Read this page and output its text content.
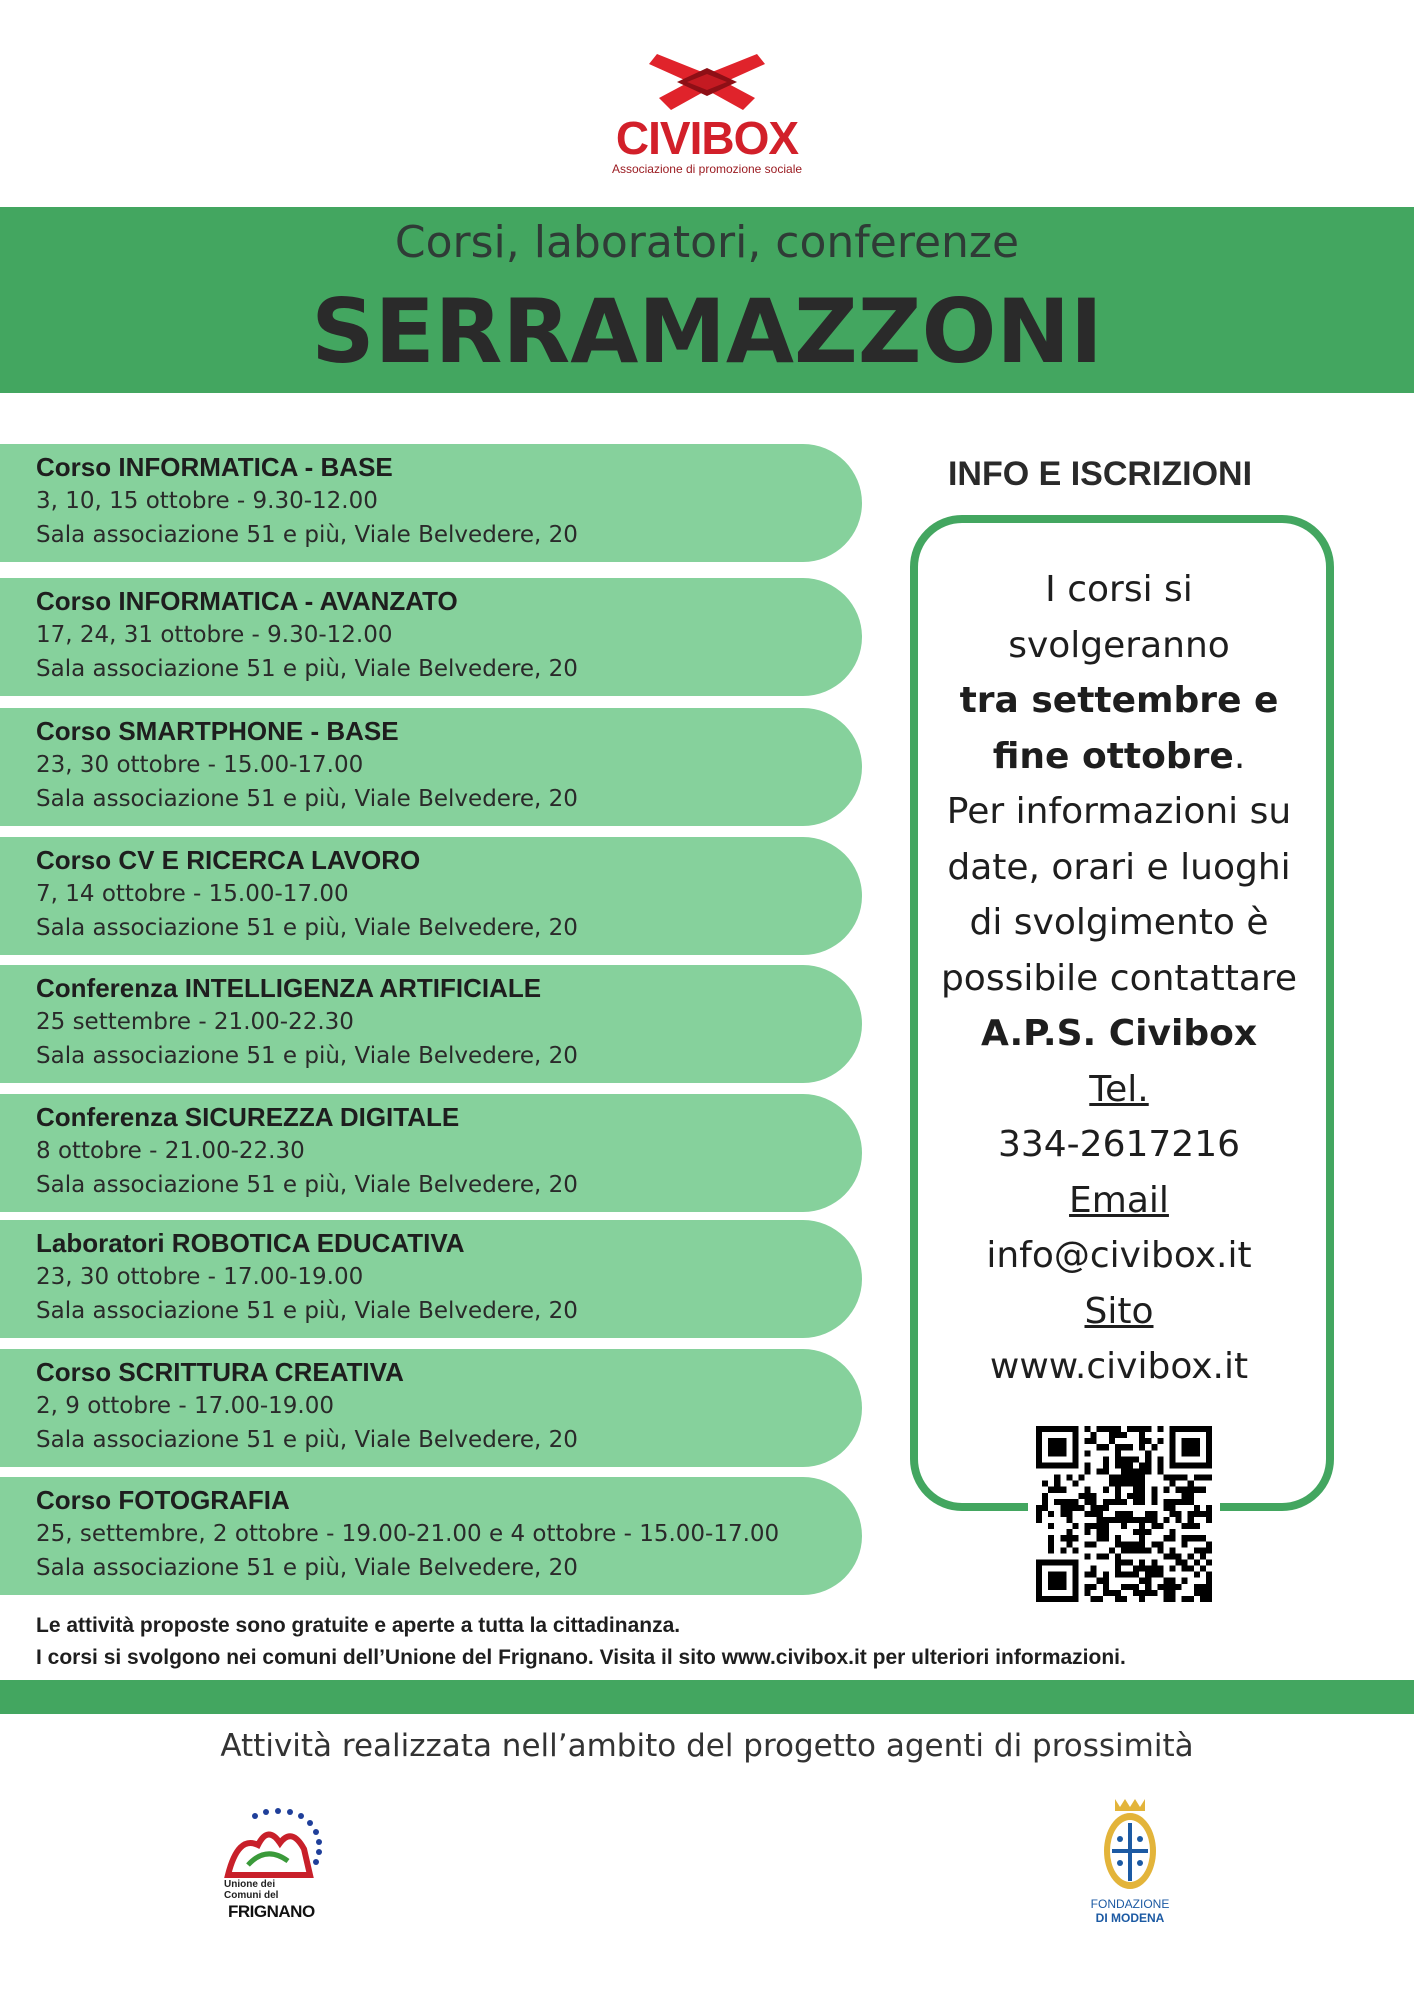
CIVIBOX
Associazione di promozione sociale
Corsi, laboratori, conferenze
SERRAMAZZONI
Corso INFORMATICA - BASE
3, 10, 15 ottobre - 9.30-12.00
Sala associazione 51 e più, Viale Belvedere, 20
Corso INFORMATICA - AVANZATO
17, 24, 31 ottobre - 9.30-12.00
Sala associazione 51 e più, Viale Belvedere, 20
Corso SMARTPHONE - BASE
23, 30 ottobre - 15.00-17.00
Sala associazione 51 e più, Viale Belvedere, 20
Corso CV E RICERCA LAVORO
7, 14 ottobre - 15.00-17.00
Sala associazione 51 e più, Viale Belvedere, 20
Conferenza INTELLIGENZA ARTIFICIALE
25 settembre - 21.00-22.30
Sala associazione 51 e più, Viale Belvedere, 20
Conferenza SICUREZZA DIGITALE
8 ottobre - 21.00-22.30
Sala associazione 51 e più, Viale Belvedere, 20
Laboratori ROBOTICA EDUCATIVA
23, 30 ottobre - 17.00-19.00
Sala associazione 51 e più, Viale Belvedere, 20
Corso SCRITTURA CREATIVA
2, 9 ottobre - 17.00-19.00
Sala associazione 51 e più, Viale Belvedere, 20
Corso FOTOGRAFIA
25, settembre, 2 ottobre - 19.00-21.00 e 4 ottobre - 15.00-17.00
Sala associazione 51 e più, Viale Belvedere, 20
INFO E ISCRIZIONI
I corsi si
svolgeranno
tra settembre e
fine ottobre.
Per informazioni su
date, orari e luoghi
di svolgimento è
possibile contattare
A.P.S. Civibox
Tel.
334-2617216
Email
info@civibox.it
Sito
www.civibox.it
Le attività proposte sono gratuite e aperte a tutta la cittadinanza.
I corsi si svolgono nei comuni dell’Unione del Frignano. Visita il sito www.civibox.it per ulteriori informazioni.
Attività realizzata nell’ambito del progetto agenti di prossimità
Unione dei
Comuni del
FRIGNANO	FONDAZIONE
DI MODENA
